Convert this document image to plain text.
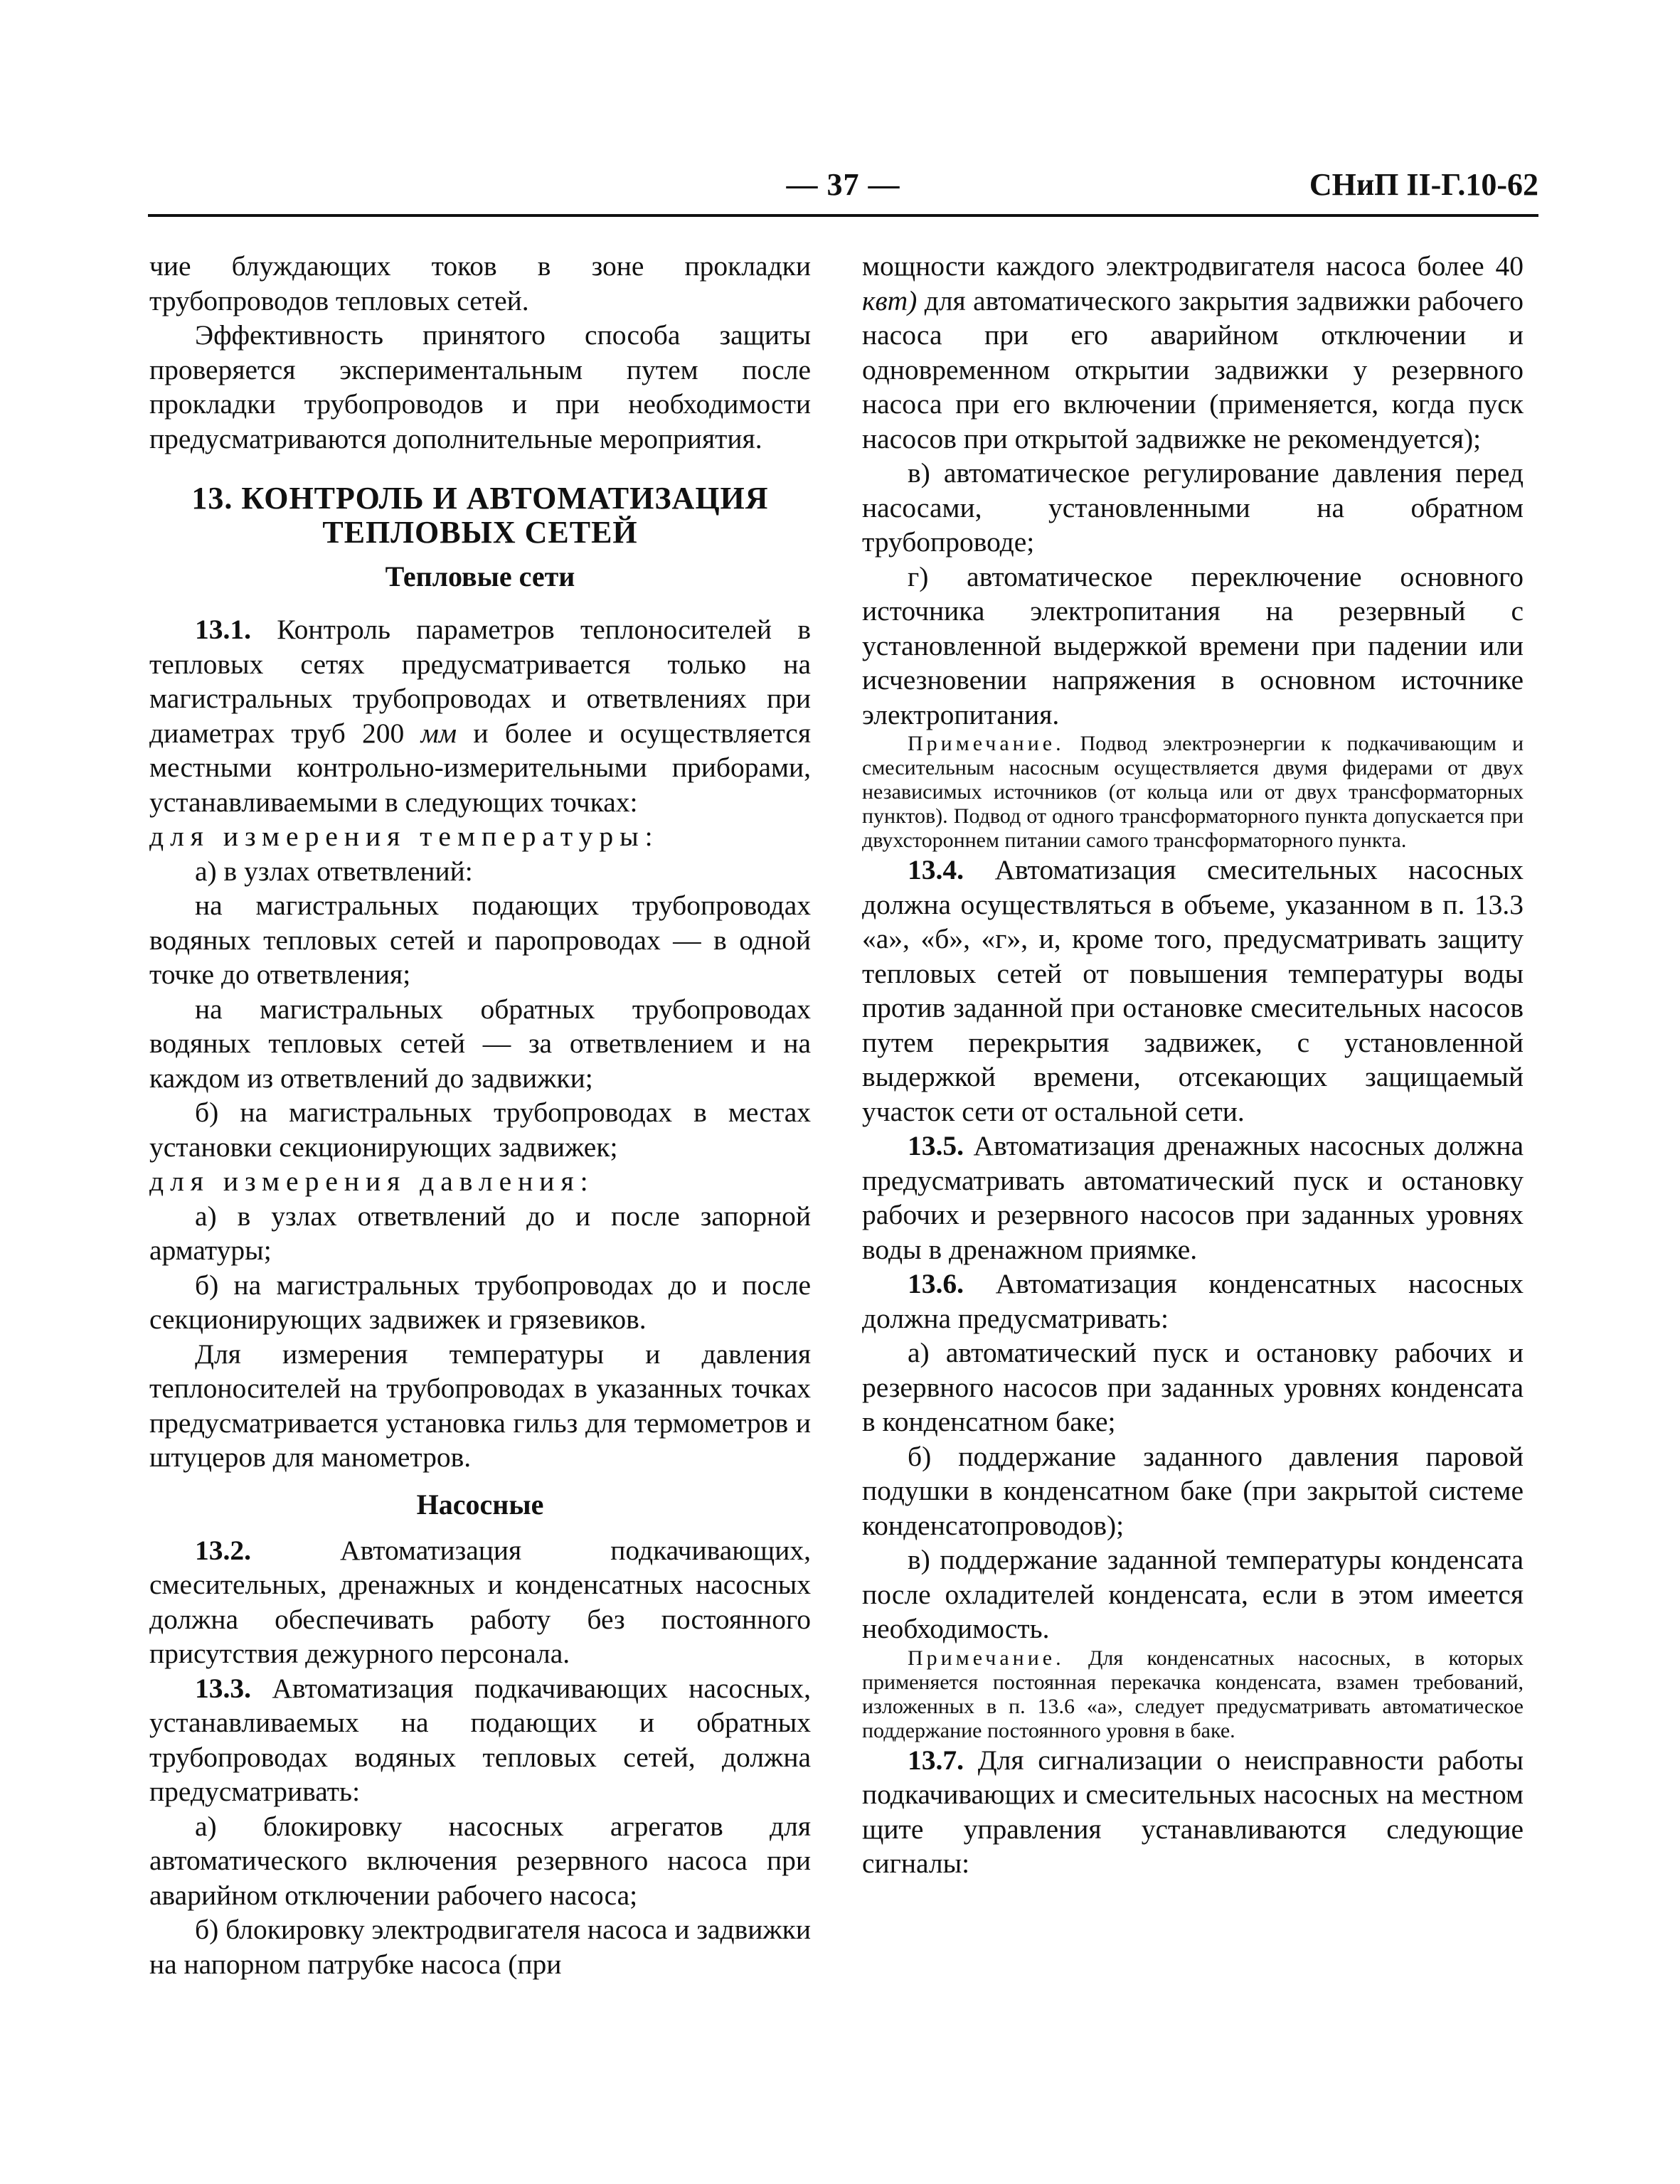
— 37 —	СНиП II-Г.10-62

чие блуждающих токов в зоне прокладки трубопроводов тепловых сетей.

Эффективность принятого способа защиты проверяется экспериментальным путем после прокладки трубопроводов и при необходимости предусматриваются дополнительные мероприятия.

13. КОНТРОЛЬ И АВТОМАТИЗАЦИЯ ТЕПЛОВЫХ СЕТЕЙ
Тепловые сети

13.1. Контроль параметров теплоносителей в тепловых сетях предусматривается только на магистральных трубопроводах и ответвлениях при диаметрах труб 200 мм и более и осуществляется местными контрольно-измерительными приборами, устанавливаемыми в следующих точках:

для измерения температуры:

а) в узлах ответвлений:

на магистральных подающих трубопроводах водяных тепловых сетей и паропроводах — в одной точке до ответвления;

на магистральных обратных трубопроводах водяных тепловых сетей — за ответвлением и на каждом из ответвлений до задвижки;

б) на магистральных трубопроводах в местах установки секционирующих задвижек;

для измерения давления:

а) в узлах ответвлений до и после запорной арматуры;

б) на магистральных трубопроводах до и после секционирующих задвижек и грязевиков.

Для измерения температуры и давления теплоносителей на трубопроводах в указанных точках предусматривается установка гильз для термометров и штуцеров для манометров.

Насосные

13.2.	Автоматизация подкачивающих, смесительных, дренажных и конденсатных насосных должна обеспечивать работу без постоянного присутствия дежурного персонала.

13.3. Автоматизация подкачивающих насосных, устанавливаемых на подающих и обратных трубопроводах водяных тепловых сетей, должна предусматривать:

а) блокировку насосных агрегатов для автоматического включения резервного насоса при аварийном отключении рабочего насоса;

б) блокировку электродвигателя насоса и задвижки на напорном патрубке насоса (при

мощности каждого электродвигателя насоса более 40 квт) для автоматического закрытия задвижки рабочего насоса при его аварийном отключении и одновременном открытии задвижки у резервного насоса при его включении (применяется, когда пуск насосов при открытой задвижке не рекомендуется);

в) автоматическое регулирование давления перед насосами, установленными на обратном трубопроводе;

г) автоматическое переключение основного источника электропитания на резервный с установленной выдержкой времени при падении или исчезновении напряжения в основном источнике электропитания.

Примечание. Подвод электроэнергии к подкачивающим и смесительным насосным осуществляется двумя фидерами от двух независимых источников (от кольца или от двух трансформаторных пунктов). Подвод от одного трансформаторного пункта допускается при двухстороннем питании самого трансформаторного пункта.

13.4. Автоматизация смесительных насосных должна осуществляться в объеме, указанном в п. 13.3 «а», «б», «г», и, кроме того, предусматривать защиту тепловых сетей от повышения температуры воды против заданной при остановке смесительных насосов путем перекрытия задвижек, с установленной выдержкой времени, отсекающих защищаемый участок сети от остальной сети.

13.5. Автоматизация дренажных насосных должна предусматривать автоматический пуск и остановку рабочих и резервного насосов при заданных уровнях воды в дренажном приямке.

13.6. Автоматизация конденсатных насосных должна предусматривать:

а) автоматический пуск и остановку рабочих и резервного насосов при заданных уровнях конденсата в конденсатном баке;

б) поддержание заданного давления паровой подушки в конденсатном баке (при закрытой системе конденсатопроводов);

в) поддержание заданной температуры конденсата после охладителей конденсата, если в этом имеется необходимость.

Примечание. Для конденсатных насосных, в которых применяется постоянная перекачка конденсата, взамен требований, изложенных в п. 13.6 «а», следует предусматривать автоматическое поддержание постоянного уровня в баке.

13.7. Для сигнализации о неисправности работы подкачивающих и смесительных насосных на местном щите управления устанавливаются следующие сигналы:
